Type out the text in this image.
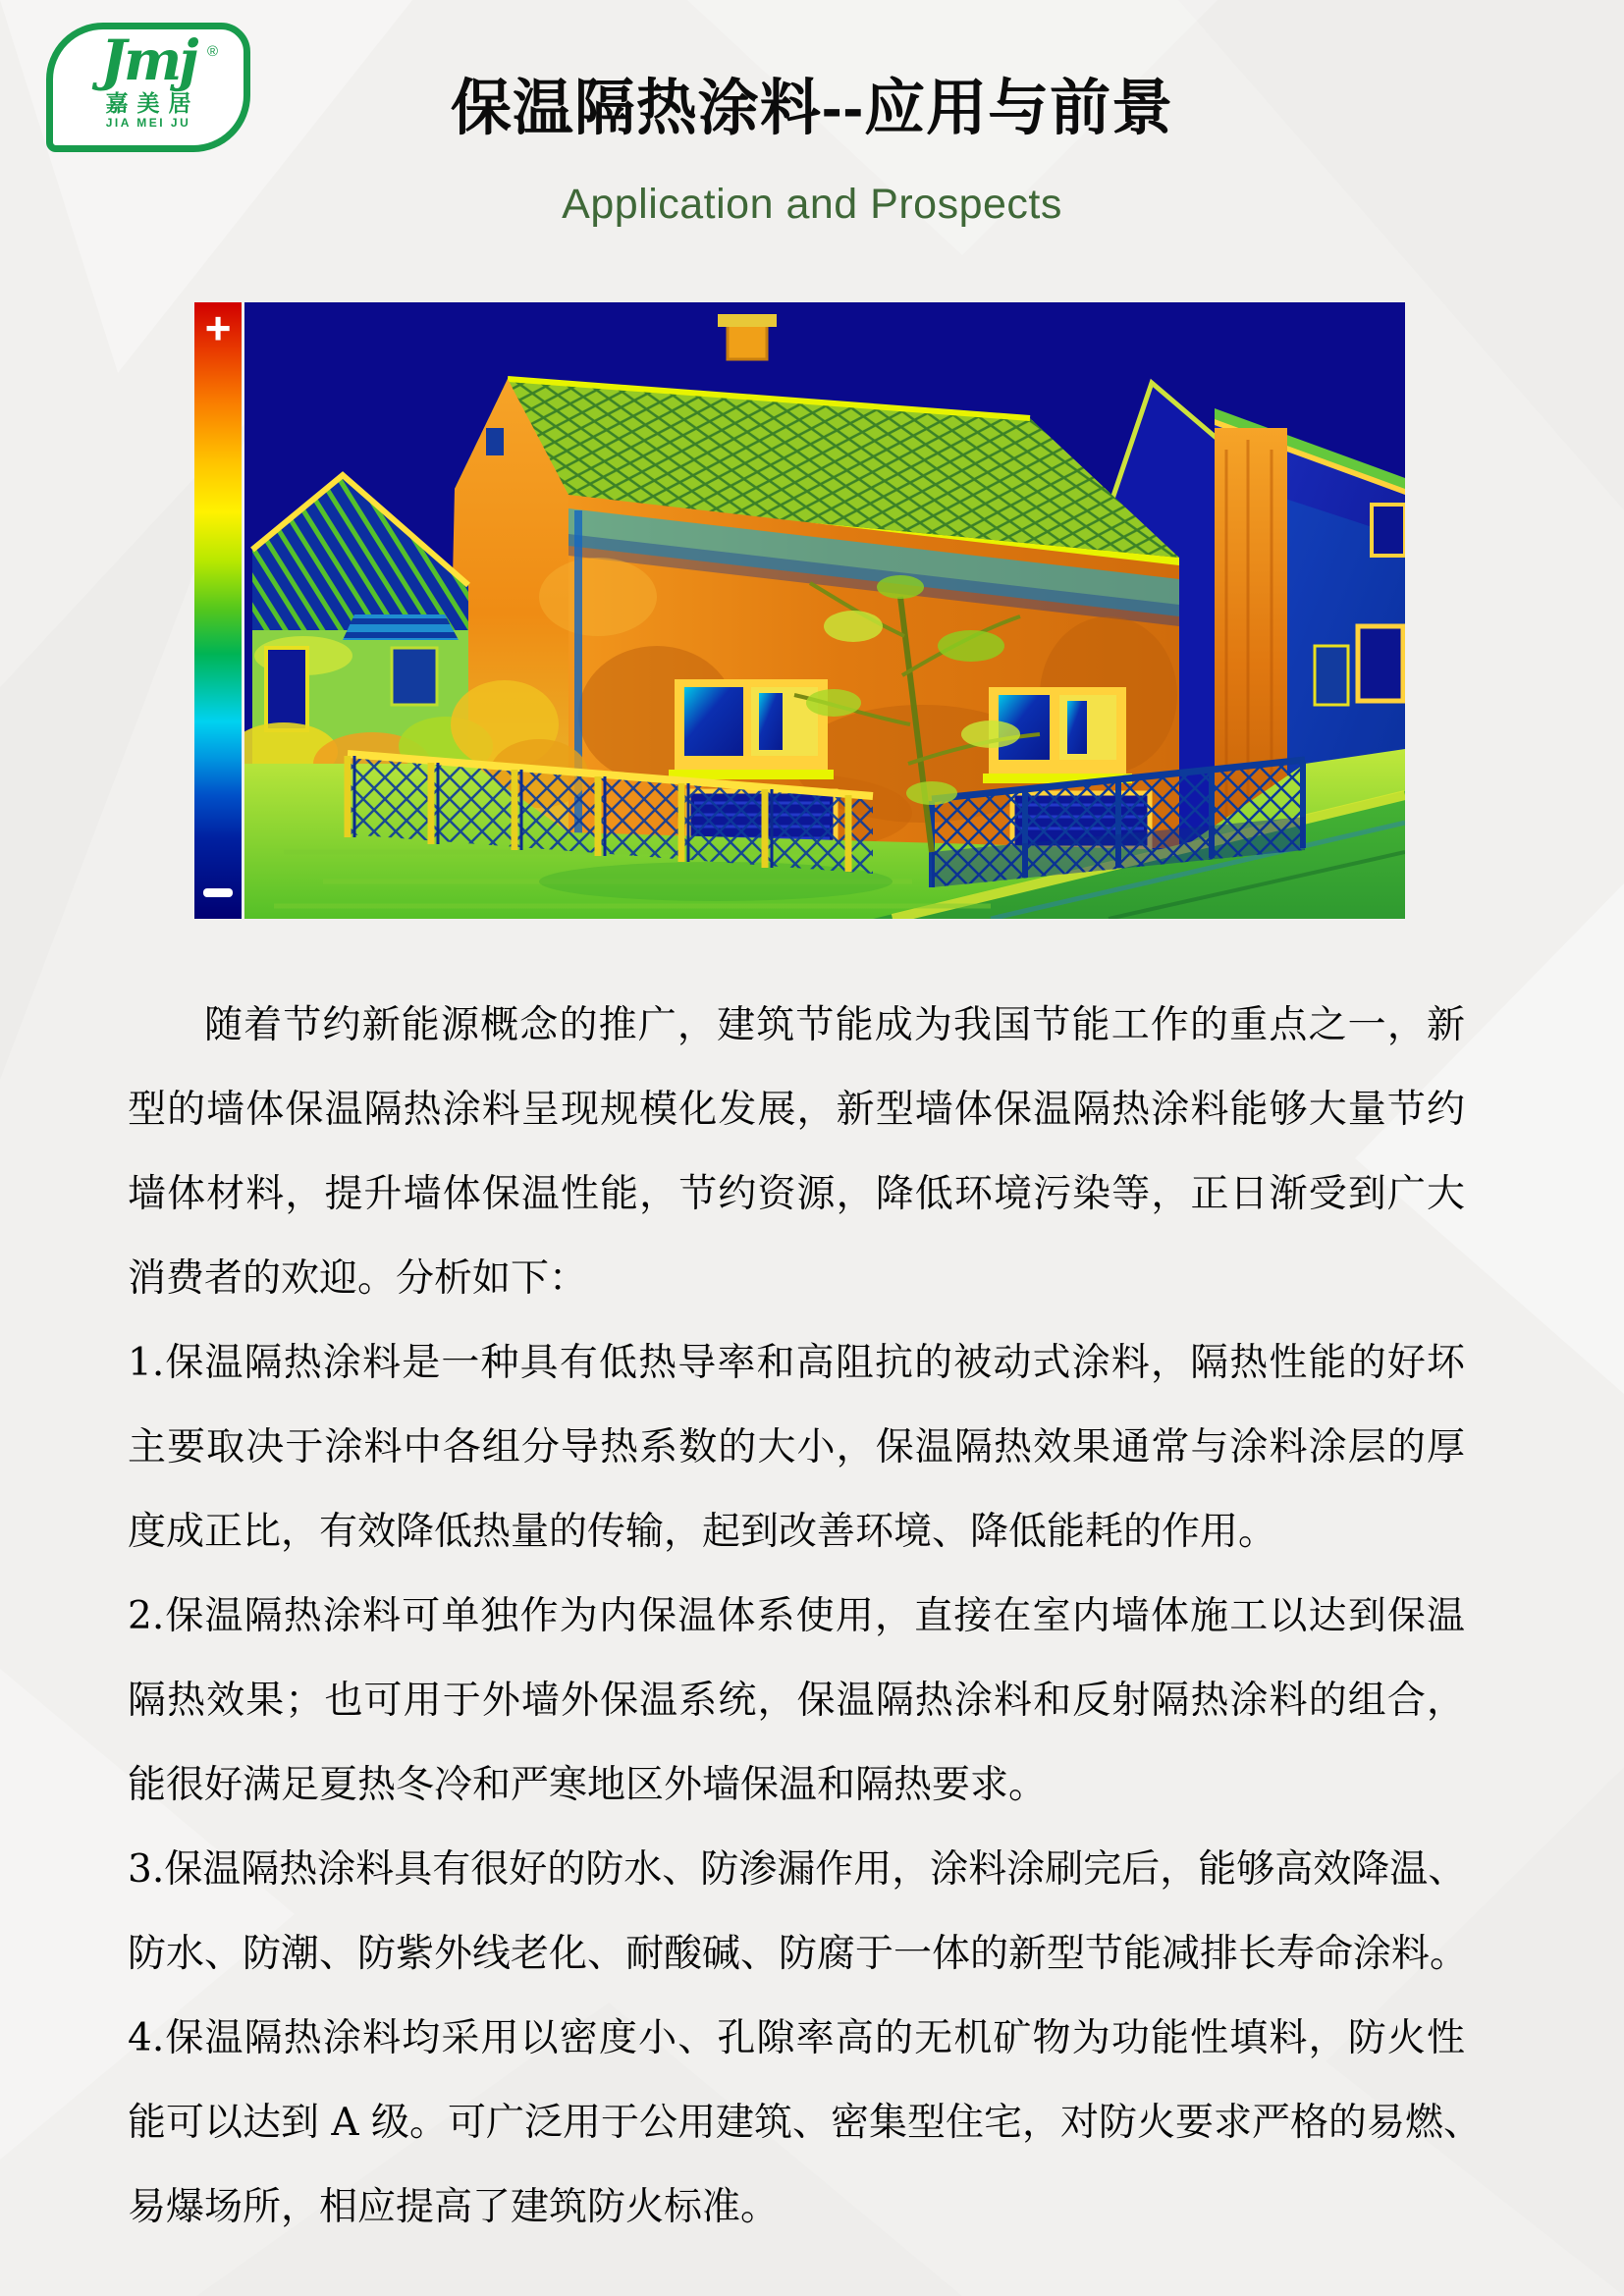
Jmj ®
嘉美居
JIA MEI JU	保温隔热涂料--应用与前景
Application and Prospects
+
随着节约新能源概念的推广，建筑节能成为我国节能工作的重点之一，新
型的墙体保温隔热涂料呈现规模化发展，新型墙体保温隔热涂料能够大量节约
墙体材料，提升墙体保温性能，节约资源，降低环境污染等，正日渐受到广大
消费者的欢迎。分析如下：
1.保温隔热涂料是一种具有低热导率和高阻抗的被动式涂料，隔热性能的好坏
主要取决于涂料中各组分导热系数的大小，保温隔热效果通常与涂料涂层的厚
度成正比，有效降低热量的传输，起到改善环境、降低能耗的作用。
2.保温隔热涂料可单独作为内保温体系使用，直接在室内墙体施工以达到保温
隔热效果；也可用于外墙外保温系统，保温隔热涂料和反射隔热涂料的组合，
能很好满足夏热冬冷和严寒地区外墙保温和隔热要求。
3.保温隔热涂料具有很好的防水、防渗漏作用，涂料涂刷完后，能够高效降温、
防水、防潮、防紫外线老化、耐酸碱、防腐于一体的新型节能减排长寿命涂料。
4.保温隔热涂料均采用以密度小、孔隙率高的无机矿物为功能性填料，防火性
能可以达到 A 级。可广泛用于公用建筑、密集型住宅，对防火要求严格的易燃、
易爆场所，相应提高了建筑防火标准。
